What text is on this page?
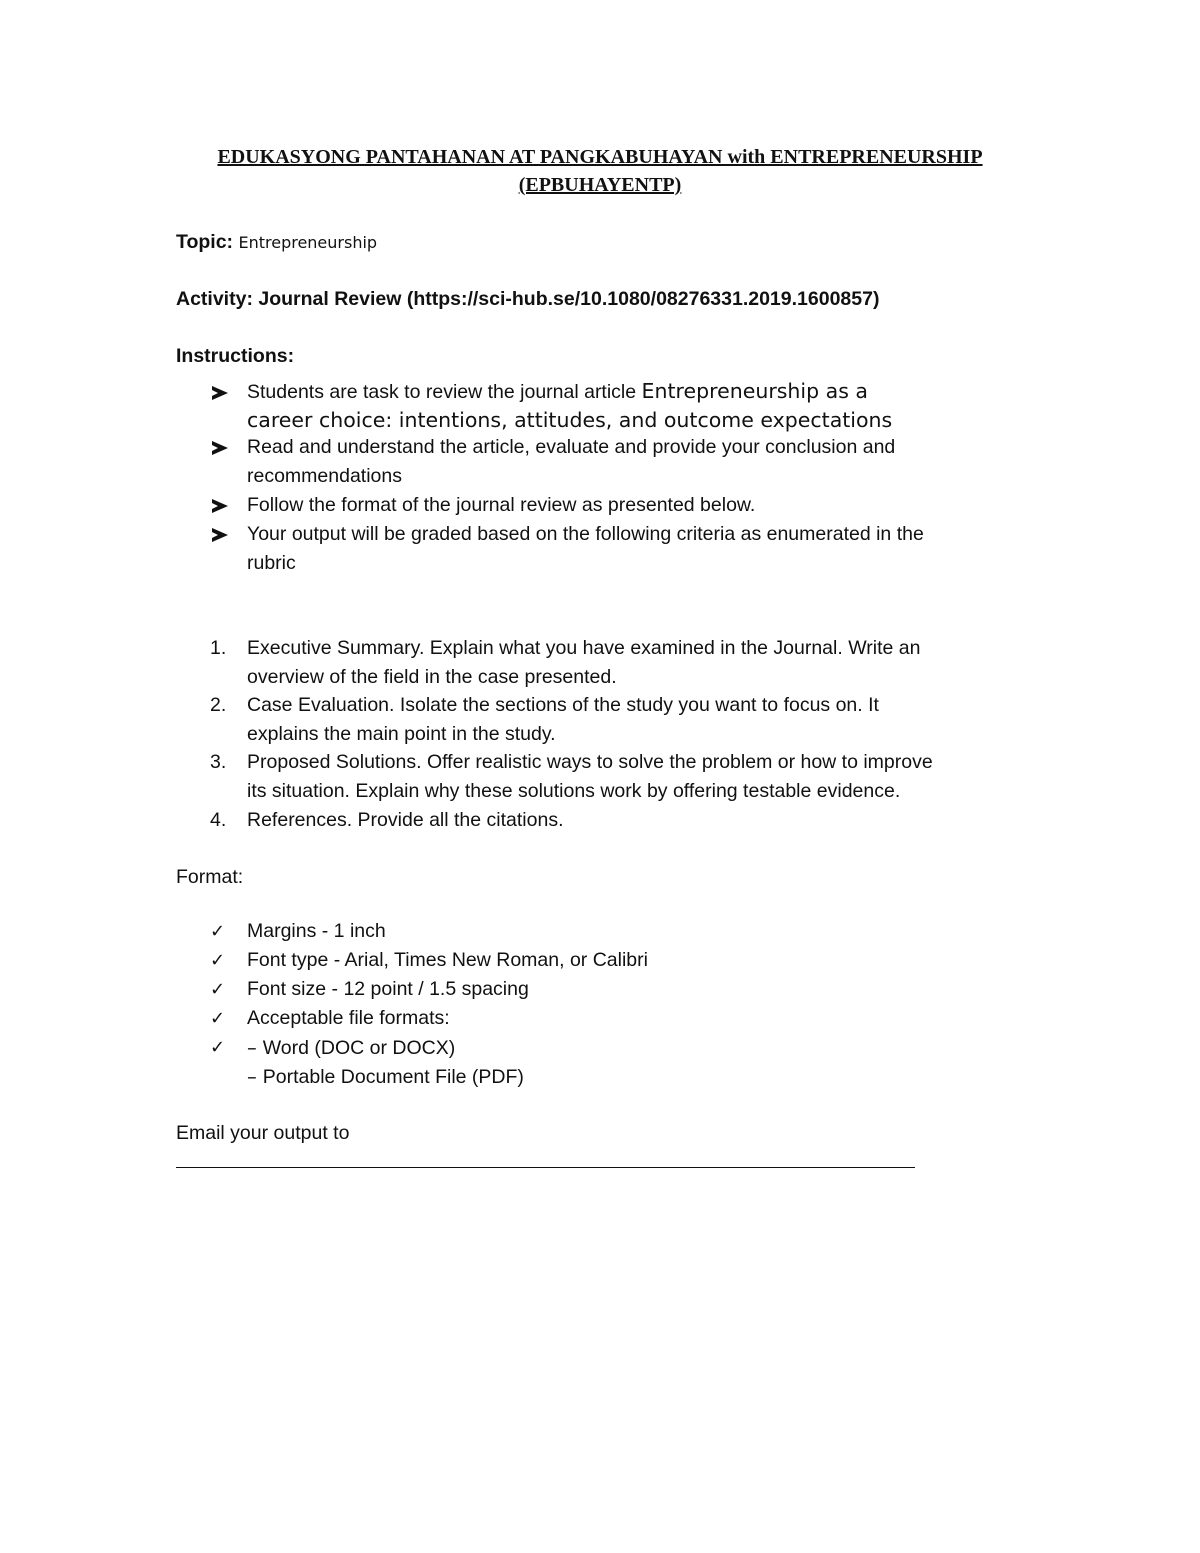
EDUKASYONG PANTAHANAN AT PANGKABUHAYAN with ENTREPRENEURSHIP
(EPBUHAYENTP)
Topic: Entrepreneurship
Activity: Journal Review (https://sci-hub.se/10.1080/08276331.2019.1600857)
Instructions:
Students are task to review the journal article Entrepreneurship as a
career choice: intentions, attitudes, and outcome expectations
Read and understand the article, evaluate and provide your conclusion and
recommendations
Follow the format of the journal review as presented below.
Your output will be graded based on the following criteria as enumerated in the
rubric
1.	Executive Summary. Explain what you have examined in the Journal. Write an
overview of the field in the case presented.
2.	Case Evaluation. Isolate the sections of the study you want to focus on. It
explains the main point in the study.
3.	Proposed Solutions. Offer realistic ways to solve the problem or how to improve
its situation. Explain why these solutions work by offering testable evidence.
4.	References. Provide all the citations.
Format:
✓	Margins - 1 inch
✓	Font type - Arial, Times New Roman, or Calibri
✓	Font size - 12 point / 1.5 spacing
✓	Acceptable file formats:
✓	– Word (DOC or DOCX)
– Portable Document File (PDF)
Email your output to
